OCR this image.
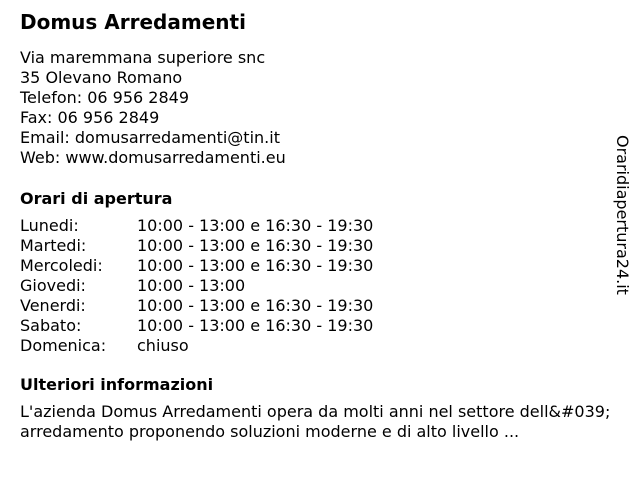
Domus Arredamenti
Via maremmana superiore snc
35 Olevano Romano
Telefon: 06 956 2849
Fax: 06 956 2849
Email: domusarredamenti@tin.it
Web: www.domusarredamenti.eu
Orari di apertura
Lunedi:	10:00 - 13:00 e 16:30 - 19:30
Martedi:	10:00 - 13:00 e 16:30 - 19:30
Mercoledi:	10:00 - 13:00 e 16:30 - 19:30
Giovedi:	10:00 - 13:00
Venerdi:	10:00 - 13:00 e 16:30 - 19:30
Sabato:	10:00 - 13:00 e 16:30 - 19:30
Domenica:	chiuso
Ulteriori informazioni
L'azienda Domus Arredamenti opera da molti anni nel settore dell&#039;arredamento proponendo soluzioni moderne e di alto livello ...
Oraridiapertura24.it
